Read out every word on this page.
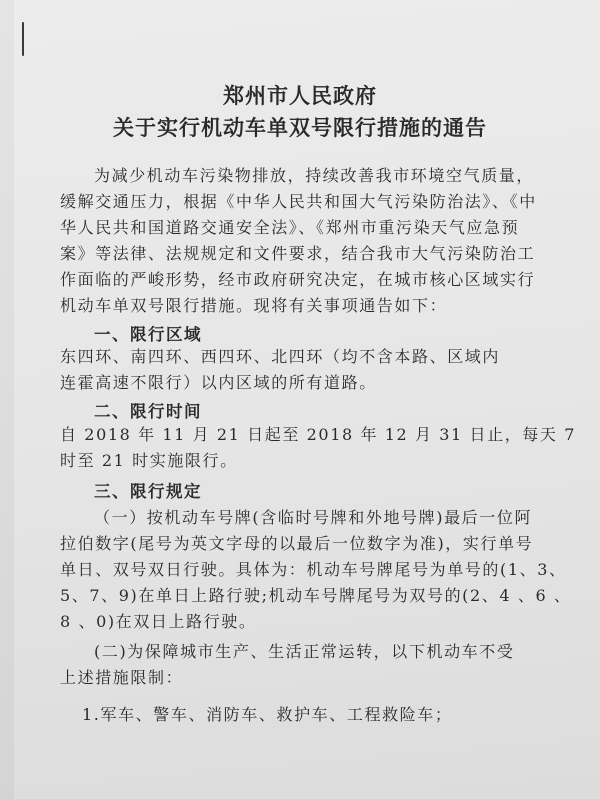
郑州市人民政府
关于实行机动车单双号限行措施的通告
为减少机动车污染物排放，持续改善我市环境空气质量，
缓解交通压力，根据《中华人民共和国大气污染防治法》、《中
华人民共和国道路交通安全法》、《郑州市重污染天气应急预
案》等法律、法规规定和文件要求，结合我市大气污染防治工
作面临的严峻形势，经市政府研究决定，在城市核心区域实行
机动车单双号限行措施。现将有关事项通告如下：
一、限行区域
东四环、南四环、西四环、北四环（均不含本路、区域内
连霍高速不限行）以内区域的所有道路。
二、限行时间
自 2018 年 11 月 21 日起至 2018 年 12 月 31 日止，每天 7
时至 21 时实施限行。
三、限行规定
（一）按机动车号牌(含临时号牌和外地号牌)最后一位阿
拉伯数字(尾号为英文字母的以最后一位数字为准)，实行单号
单日、双号双日行驶。具体为：机动车号牌尾号为单号的(1、3、
5、7、9)在单日上路行驶;机动车号牌尾号为双号的(2、4 、6 、
8 、0)在双日上路行驶。
(二)为保障城市生产、生活正常运转，以下机动车不受
上述措施限制：
1.军车、警车、消防车、救护车、工程救险车；
